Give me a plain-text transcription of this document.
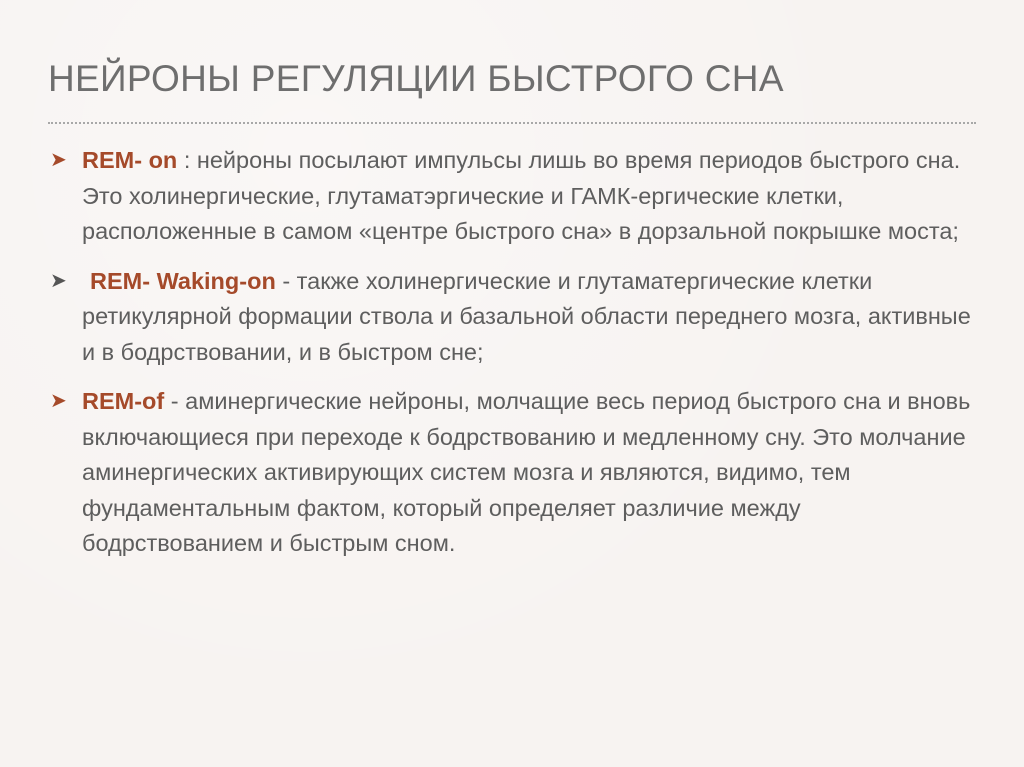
НЕЙРОНЫ РЕГУЛЯЦИИ БЫСТРОГО СНА
➤ REM- on : нейроны посылают импульсы лишь во время периодов быстрого сна. Это холинергические, глутаматэргические и ГАМК-ергические клетки, расположенные в самом «центре быстрого сна» в дорзальной покрышке моста;
➤ REM- Waking-on - также холинергические и глутаматергические клетки ретикулярной формации ствола и базальной области переднего мозга, активные и в бодрствовании, и в быстром сне;
➤ REM-of - аминергические нейроны, молчащие весь период быстрого сна и вновь включающиеся при переходе к бодрствованию и медленному сну. Это молчание аминергических активирующих систем мозга и являются, видимо, тем фундаментальным фактом, который определяет различие между бодрствованием и быстрым сном.
